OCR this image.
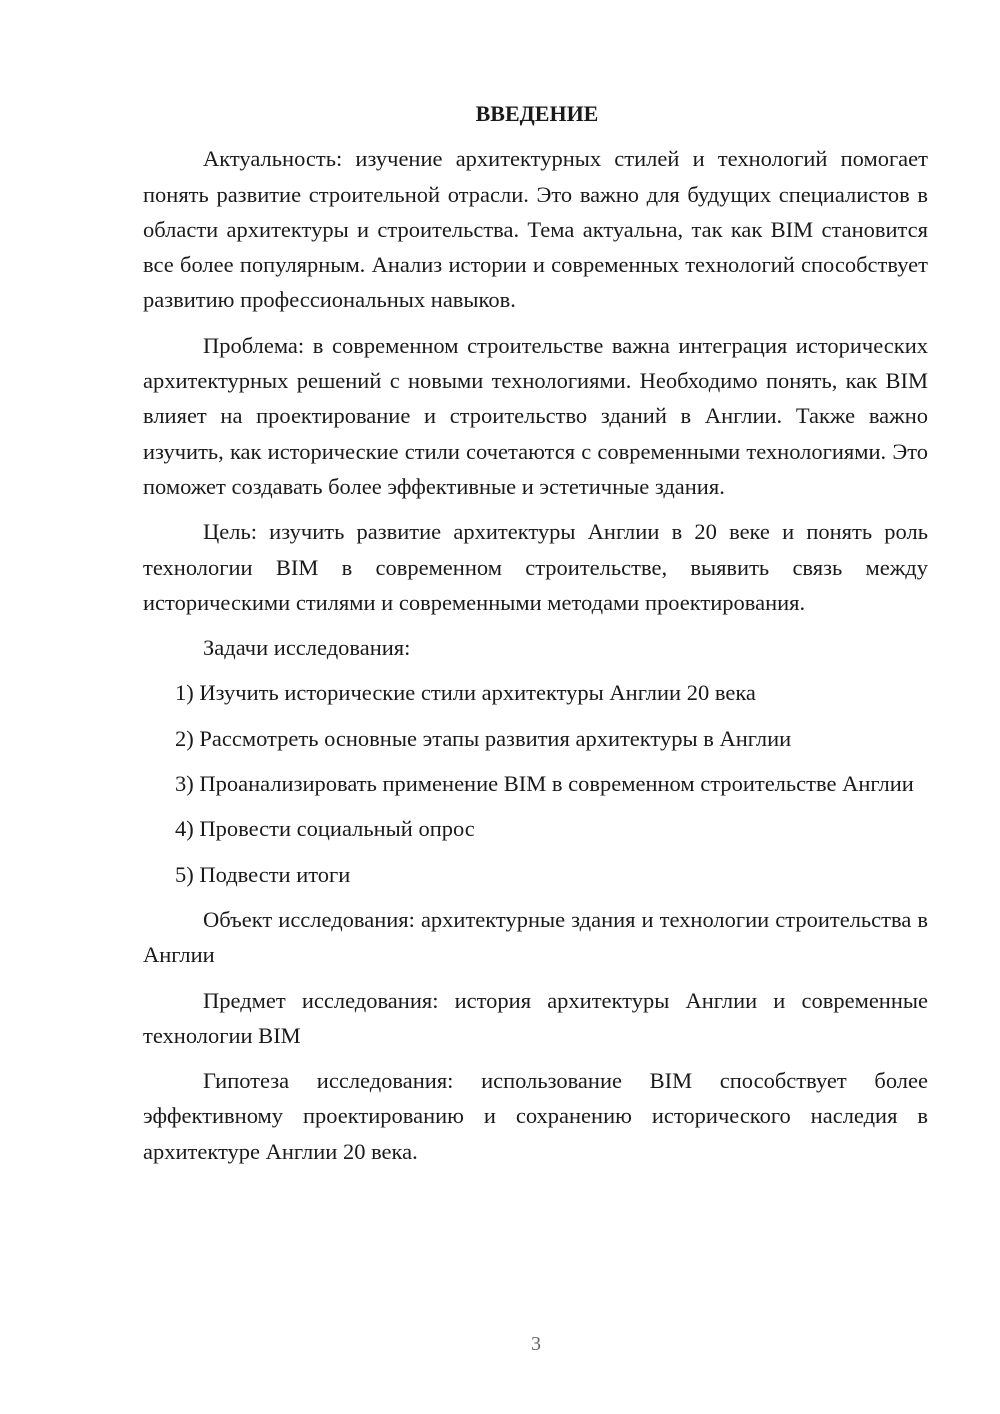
ВВЕДЕНИЕ

Актуальность: изучение архитектурных стилей и технологий помогает понять развитие строительной отрасли. Это важно для будущих специалистов в области архитектуры и строительства. Тема актуальна, так как BIM становится все более популярным. Анализ истории и современных технологий способствует развитию профессиональных навыков.

Проблема: в современном строительстве важна интеграция исторических архитектурных решений с новыми технологиями. Необходимо понять, как BIM влияет на проектирование и строительство зданий в Англии. Также важно изучить, как исторические стили сочетаются с современными технологиями. Это поможет создавать более эффективные и эстетичные здания.

Цель: изучить развитие архитектуры Англии в 20 веке и понять роль технологии BIM в современном строительстве, выявить связь между историческими стилями и современными методами проектирования.

Задачи исследования:

1) Изучить исторические стили архитектуры Англии 20 века

2) Рассмотреть основные этапы развития архитектуры в Англии

3) Проанализировать применение BIM в современном строительстве Англии

4) Провести социальный опрос

5) Подвести итоги

Объект исследования: архитектурные здания и технологии строительства в Англии

Предмет исследования: история архитектуры Англии и современные технологии BIM

Гипотеза исследования: использование BIM способствует более эффективному проектированию и сохранению исторического наследия в архитектуре Англии 20 века.

3
